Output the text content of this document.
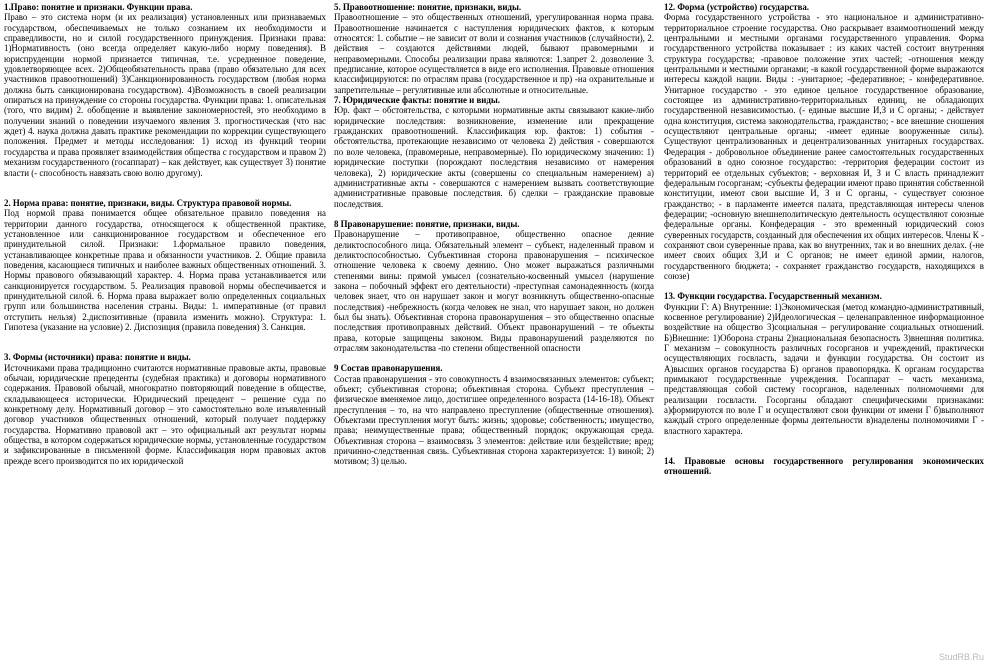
1.Право: понятие и признаки. Функции права.

Право – это система норм (и их реализация) установленных или признаваемых государством, обеспечиваемых не только сознанием их необходимости и справедливости, но и силой государственного принуждения. Признаки права: 1)Нормативность (оно всегда определяет какую-либо норму поведения). В юриспруденции нормой признается типичная, т.е. усредненное поведение, удовлетворяющее всех. 2)Общеобязательность права (право обязательно для всех участников правоотношений) 3)Санкционированность государством (любая норма должна быть санкционирована государством). 4)Возможность в своей реализации опираться на принуждение со стороны государства. Функции права: 1. описательная (того, что видим) 2. обобщение и выявление закономерностей, это необходимо в получении знаний о поведении изучаемого явления 3. прогностическая (что нас ждет) 4. наука должна давать практике рекомендации по коррекции существующего положения. Предмет и методы исследования: 1) исход из функций теории государства и права проявляет взаимодействия общества с государством и правом 2) механизм государственного (госаппарат) – как действует, как существует 3) понятие власти (- способность навязать свою волю другому).

2. Норма права: понятие, признаки, виды. Структура правовой нормы.

Под нормой права понимается общее обязательное правило поведения на территории данного государства, относящегося к общественной практике, установленное или санкционированное государством и обеспеченное его принудительной силой. Признаки: 1.формальное правило поведения, устанавливающее конкретные права и обязанности участников. 2. Общие правила поведения, касающиеся типичных и наиболее важных общественных отношений. 3. Нормы правового обязывающий характер. 4. Норма права устанавливается или санкционируется государством. 5. Реализация правовой нормы обеспечивается и принудительной силой. 6. Норма права выражает волю определенных социальных групп или большинства населения страны. Виды: 1. императивные (от правил отступить нельзя) 2.диспозитивные (правила изменить можно). Структура: 1. Гипотеза (указание на условие) 2. Диспозиция (правила поведения) 3. Санкция.

3. Формы (источники) права: понятие и виды.

Источниками права традиционно считаются нормативные правовые акты, правовые обычаи, юридические прецеденты (судебная практика) и договоры нормативного содержания. Правовой обычай, многократно повторяющий поведение в обществе, складывающееся исторически. Юридический прецедент – решение суда по конкретному делу. Нормативный договор – это самостоятельно воле изъявленный договор участников общественных отношений, который получает поддержку государства. Нормативно правовой акт – это официальный акт результат нормы общества, в котором содержаться юридические нормы, установленные государством и зафиксированные в письменной форме. Классификация норм правовых актов прежде всего производится по их юридической

5. Правоотношение: понятие, признаки, виды.

Правоотношение – это общественных отношений, урегулированная норма права. Правоотношение начинается с наступления юридических фактов, к которым относятся: 1. событие – не зависит от воли и сознания участников (случайности), 2. действия – создаются действиями людей, бывают правомерными и неправомерными. Способы реализации права являются: 1.запрет 2. дозволение 3. предписание, которое осуществляется в виде его исполнения. Правовые отношения классифицируются: по отраслям права (государственное и пр) -на охранительные и запретительные – регулятивные или абсолютные и относительные.

7. Юридические факты: понятие и виды.

Юр. факт – обстоятельства, с которыми нормативные акты связывают какие-либо юридические последствия: возникновение, изменение или прекращение гражданских правоотношений. Классификация юр. фактов: 1) события - обстоятельства, протекающие независимо от человека 2) действия - совершаются по воле человека, (правомерные, неправомерные). По юридическому значению: 1) юридические поступки (порождают последствия независимо от намерения человека), 2) юридические акты (совершены со специальным намерением) а) административные акты - совершаются с намерением вызвать соответствующие административные правовые последствия. б) сделки – гражданские правовые последствия.

8 Правонарушение: понятие, признаки, виды.

Правонарушение – противоправное, общественно опасное деяние деликтоспособного лица. Обязательный элемент – субъект, наделенный правом и деликтоспособностью. Субъективная сторона правонарушения – психическое отношение человека к своему деянию. Оно может выражаться различными степенями вины: прямой умысел (сознательно-косвенный умысел (нарушение закона – побочный эффект его деятельности) -преступная самонадеянность (когда человек знает, что он нарушает закон и могут возникнуть общественно-опасные последствия) -небрежность (когда человек не знал, что нарушает закон, но должен был бы знать). Объективная сторона правонарушения – это общественно опасные последствия противоправных действий. Объект правонарушений – те объекты права, которые защищены законом. Виды правонарушений разделяются по отраслям законодательства -по степени общественной опасности

9 Состав правонарушения.

Состав правонарушения - это совокупность 4 взаимосвязанных элементов: субъект; объект; субъективная сторона; объективная сторона. Субъект преступления – физическое вменяемое лицо, достигшее определенного возраста (14-16-18). Объект преступления – то, на что направлено преступление (общественные отношения). Объектами преступления могут быть: жизнь; здоровье; собственность; имущество, права; неимущественные права; общественный порядок; окружающая среда. Объективная сторона – взаимосвязь 3 элементов: действие или бездействие; вред; причинно-следственная связь. Субъективная сторона характеризуется: 1) виной; 2) мотивом; 3) целью.

12. Форма (устройство) государства.

Форма государственного устройства - это национальное и административно-территориальное строение государства. Оно раскрывает взаимоотношений между центральными и местными органами государственного управления. Форма государственного устройства показывает : из каких частей состоит внутренняя структура государства; -правовое положение этих частей; -отношения между центральными и местными органами; -в какой государственной форме выражаются интересы каждой нации. Виды : -унитарное; -федеративное; - конфедеративное. Унитарное государство - это единое цельное государственное образование, состоящее из административно-территориальных единиц, не обладающих государственной независимостью. (- единые высшие И,З и С органы; - действует одна конституция, система законодательства, гражданство; - все внешние сношения осуществляют центральные органы; -имеет единые вооруженные силы). Существуют централизованных и децентрализованных унитарных государствах. Федерация - добровольное объединение ранее самостоятельных государственных образований в одно союзное государство: -территория федерации состоит из территорий ее отдельных субъектов; - верховная И, З и С власть принадлежит федеральным госорганам; -субъекты федерации имеют право принятия собственной конституции, имеют свои высшие И, З и С органы, - существует союзное гражданство; - в парламенте имеется палата, представляющая интересы членов федерации; -основную внешнеполитическую деятельность осуществляют союзные федеральные органы. Конфедерация - это временный юридический союз суверенных государств, созданный для обеспечения их общих интересов. Члены К - сохраняют свои суверенные права, как во внутренних, так и во внешних делах. (-не имеет своих общих З,И и С органов; не имеет единой армии, налогов, государственного бюджета; - сохраняет гражданство государств, находящихся в союзе)

13. Функции государства. Государственный механизм.

Функции Г: А) Внутренние: 1)Экономическая (метод командно-административный, косвенное регулирование) 2)Идеологическая – целенаправленное информационное воздействие на общество 3)социальная – регулирование социальных отношений. Б)Внешние: 1)Оборона страны 2)национальная безопасность 3)внешняя политика. Г механизм – совокупность различных госорганов и учреждений, практически осуществляющих госвласть, задачи и функции государства. Он состоит из А)высших органов государства Б) органов правопорядка. К органам государства примыкают государственные учреждения. Госаппарат – часть механизма, представляющая собой систему госорганов, наделенных полномочиями для реализации госвласти. Госорганы обладают специфическими признаками: а)формируются по воле Г и осуществляют свои функции от имени Г б)выполняют каждый строго определенные формы деятельности в)наделены полномочиями Г - властного характера.

14. Правовые основы государственного регулирования экономических отношений.

StudRB.Ru
